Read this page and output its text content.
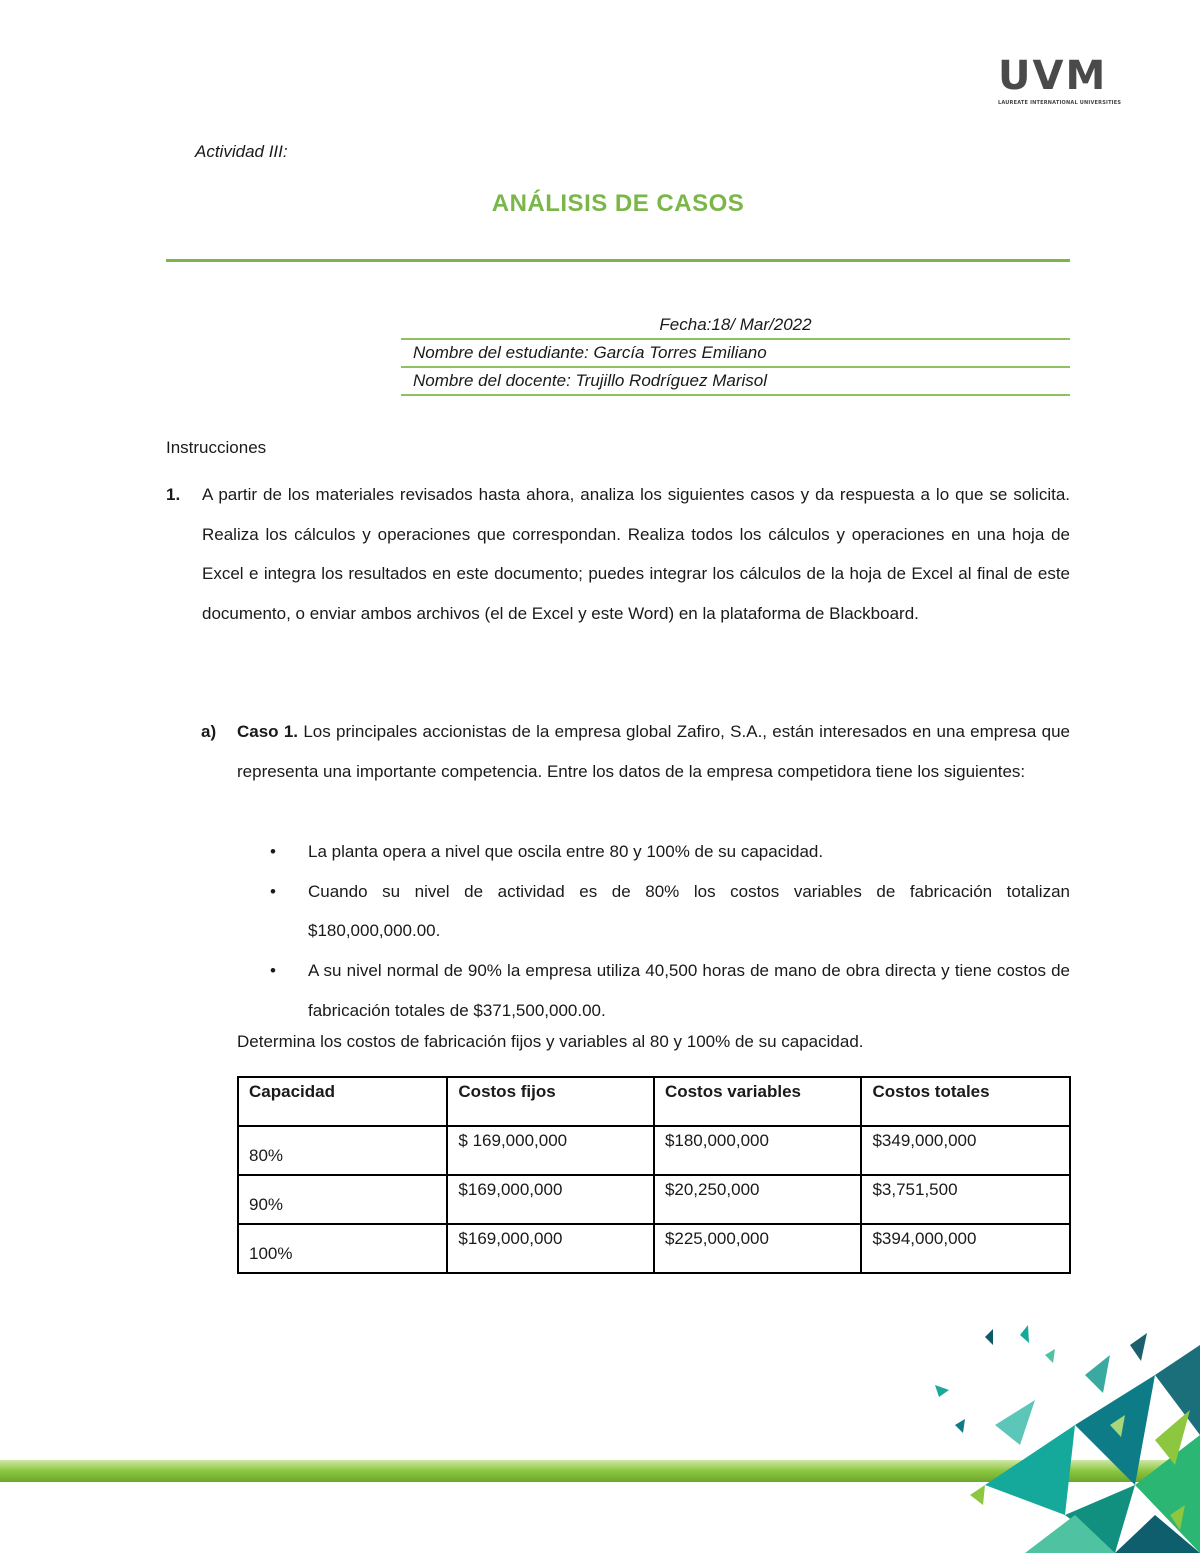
UVM
LAUREATE INTERNATIONAL UNIVERSITIES
Actividad III:
ANÁLISIS DE CASOS
Fecha:18/ Mar/2022
Nombre del estudiante: García Torres Emiliano
Nombre del docente: Trujillo Rodríguez Marisol
Instrucciones
1. A partir de los materiales revisados hasta ahora, analiza los siguientes casos y da respuesta a lo que se solicita. Realiza los cálculos y operaciones que correspondan. Realiza todos los cálculos y operaciones en una hoja de Excel e integra los resultados en este documento; puedes integrar los cálculos de la hoja de Excel al final de este documento, o enviar ambos archivos (el de Excel y este Word) en la plataforma de Blackboard.
a) Caso 1. Los principales accionistas de la empresa global Zafiro, S.A., están interesados en una empresa que representa una importante competencia. Entre los datos de la empresa competidora tiene los siguientes:
• La planta opera a nivel que oscila entre 80 y 100% de su capacidad.
• Cuando su nivel de actividad es de 80% los costos variables de fabricación totalizan $180,000,000.00.
• A su nivel normal de 90% la empresa utiliza 40,500 horas de mano de obra directa y tiene costos de fabricación totales de $371,500,000.00.
Determina los costos de fabricación fijos y variables al 80 y 100% de su capacidad.
Capacidad	Costos fijos	Costos variables	Costos totales
80%	$ 169,000,000	$180,000,000	$349,000,000
90%	$169,000,000	$20,250,000	$3,751,500
100%	$169,000,000	$225,000,000	$394,000,000
